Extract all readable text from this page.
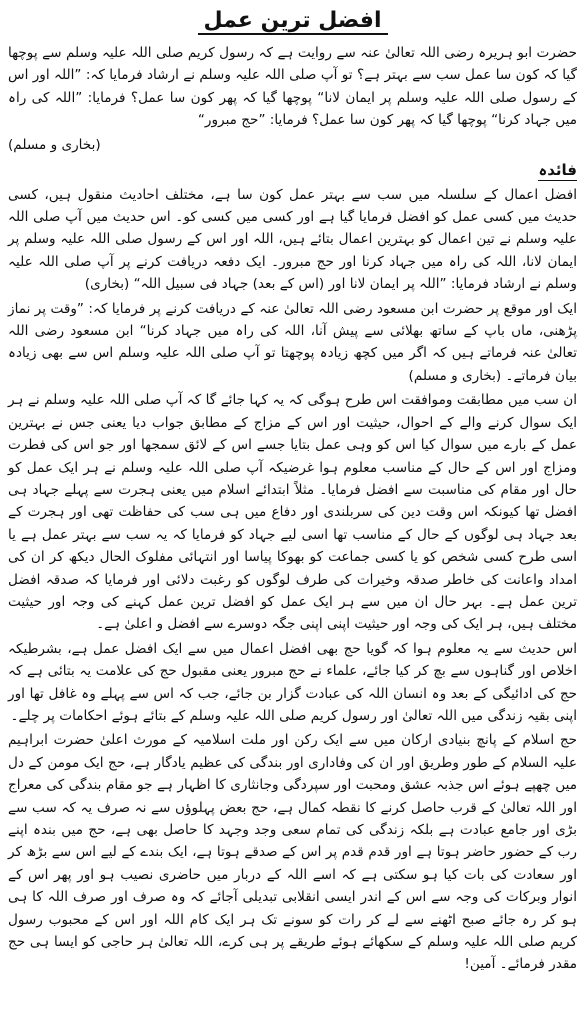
افضل ترین عمل

حضرت ابو ہریرہ رضی اللہ تعالیٰ عنہ سے روایت ہے کہ رسول کریم صلی اللہ علیہ وسلم سے پوچھا گیا کہ کون سا عمل سب سے بہتر ہے؟ تو آپ صلی اللہ علیہ وسلم نے ارشاد فرمایا کہ: ”اللہ اور اس کے رسول صلی اللہ علیہ وسلم پر ایمان لانا“ پوچھا گیا کہ پھر کون سا عمل؟ فرمایا: ”اللہ کی راہ میں جہاد کرنا“ پوچھا گیا کہ پھر کون سا عمل؟ فرمایا: ”حج مبرور“

(بخاری و مسلم)
فائدہ

افضل اعمال کے سلسلہ میں سب سے بہتر عمل کون سا ہے، مختلف احادیث منقول ہیں، کسی حدیث میں کسی عمل کو افضل فرمایا گیا ہے اور کسی میں کسی کو۔ اس حدیث میں آپ صلی اللہ علیہ وسلم نے تین اعمال کو بہترین اعمال بتائے ہیں، اللہ اور اس کے رسول صلی اللہ علیہ وسلم پر ایمان لانا، اللہ کی راہ میں جہاد کرنا اور حج مبرور۔ ایک دفعہ دریافت کرنے پر آپ صلی اللہ علیہ وسلم نے ارشاد فرمایا: ”اللہ پر ایمان لانا اور (اس کے بعد) جہاد فی سبیل اللہ“ (بخاری)

ایک اور موقع پر حضرت ابن مسعود رضی اللہ تعالیٰ عنہ کے دریافت کرنے پر فرمایا کہ: ”وقت پر نماز پڑھنی، ماں باپ کے ساتھ بھلائی سے پیش آنا، اللہ کی راہ میں جہاد کرنا“ ابن مسعود رضی اللہ تعالیٰ عنہ فرماتے ہیں کہ اگر میں کچھ زیادہ پوچھتا تو آپ صلی اللہ علیہ وسلم اس سے بھی زیادہ بیان فرماتے۔ (بخاری و مسلم)

ان سب میں مطابقت وموافقت اس طرح ہوگی کہ یہ کہا جائے گا کہ آپ صلی اللہ علیہ وسلم نے ہر ایک سوال کرنے والے کے احوال، حیثیت اور اس کے مزاج کے مطابق جواب دیا یعنی جس نے بہترین عمل کے بارے میں سوال کیا اس کو وہی عمل بتایا جسے اس کے لائق سمجھا اور جو اس کی فطرت ومزاج اور اس کے حال کے مناسب معلوم ہوا غرضیکہ آپ صلی اللہ علیہ وسلم نے ہر ایک عمل کو حال اور مقام کی مناسبت سے افضل فرمایا۔ مثلاً ابتدائے اسلام میں یعنی ہجرت سے پہلے جہاد ہی افضل تھا کیونکہ اس وقت دین کی سربلندی اور دفاع میں ہی سب کی حفاظت تھی اور ہجرت کے بعد جہاد ہی لوگوں کے حال کے مناسب تھا اسی لیے جہاد کو فرمایا کہ یہ سب سے بہتر عمل ہے یا اسی طرح کسی شخص کو یا کسی جماعت کو بھوکا پیاسا اور انتہائی مفلوک الحال دیکھ کر ان کی امداد واعانت کی خاطر صدقہ وخیرات کی طرف لوگوں کو رغبت دلائی اور فرمایا کہ صدقہ افضل ترین عمل ہے۔ بہر حال ان میں سے ہر ایک عمل کو افضل ترین عمل کہنے کی وجہ اور حیثیت مختلف ہیں، ہر ایک کی وجہ اور حیثیت اپنی اپنی جگہ دوسرے سے افضل و اعلیٰ ہے۔

اس حدیث سے یہ معلوم ہوا کہ گویا حج بھی افضل اعمال میں سے ایک افضل عمل ہے، بشرطیکہ اخلاص اور گناہوں سے بچ کر کیا جائے، علماء نے حج مبرور یعنی مقبول حج کی علامت یہ بتائی ہے کہ حج کی ادائیگی کے بعد وہ انسان اللہ کی عبادت گزار بن جائے، جب کہ اس سے پہلے وہ غافل تھا اور اپنی بقیہ زندگی میں اللہ تعالیٰ اور رسول کریم صلی اللہ علیہ وسلم کے بتائے ہوئے احکامات پر چلے۔

حج اسلام کے پانچ بنیادی ارکان میں سے ایک رکن اور ملت اسلامیہ کے مورث اعلیٰ حضرت ابراہیم علیہ السلام کے طور وطریق اور ان کی وفاداری اور بندگی کی عظیم یادگار ہے، حج ایک مومن کے دل میں چھپے ہوئے اس جذبہ عشق ومحبت اور سپردگی وجانثاری کا اظہار ہے جو مقام بندگی کی معراج اور اللہ تعالیٰ کے قرب حاصل کرنے کا نقطہ کمال ہے، حج بعض پہلوؤں سے نہ صرف یہ کہ سب سے بڑی اور جامع عبادت ہے بلکہ زندگی کی تمام سعی وجد وجہد کا حاصل بھی ہے، حج میں بندہ اپنے رب کے حضور حاضر ہوتا ہے اور قدم قدم پر اس کے صدقے ہوتا ہے، ایک بندے کے لیے اس سے بڑھ کر اور سعادت کی بات کیا ہو سکتی ہے کہ اسے اللہ کے دربار میں حاضری نصیب ہو اور پھر اس کے انوار وبرکات کی وجہ سے اس کے اندر ایسی انقلابی تبدیلی آجائے کہ وہ صرف اور صرف اللہ کا ہی ہو کر رہ جائے صبح اٹھنے سے لے کر رات کو سونے تک ہر ایک کام اللہ اور اس کے محبوب رسول کریم صلی اللہ علیہ وسلم کے سکھائے ہوئے طریقے پر ہی کرے، اللہ تعالیٰ ہر حاجی کو ایسا ہی حج مقدر فرمائے۔ آمین!
